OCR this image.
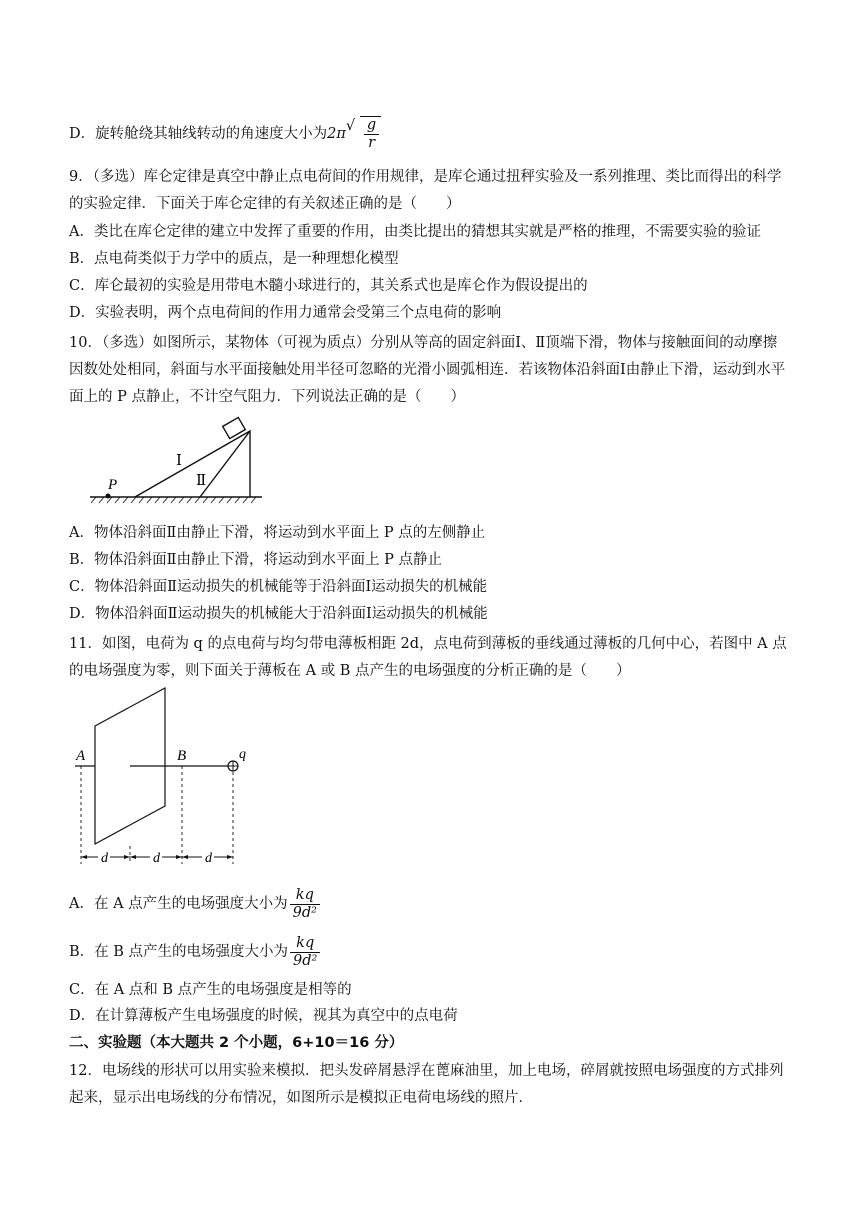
D．旋转舱绕其轴线转动的角速度大小为2π √ $\frac{g}{r}$
9．（多选）库仑定律是真空中静止点电荷间的作用规律，是库仑通过扭秤实验及一系列推理、类比而得出的科学的实验定律．下面关于库仑定律的有关叙述正确的是（　　）
A．类比在库仑定律的建立中发挥了重要的作用，由类比提出的猜想其实就是严格的推理，不需要实验的验证
B．点电荷类似于力学中的质点，是一种理想化模型
C．库仑最初的实验是用带电木髓小球进行的，其关系式也是库仑作为假设提出的
D．实验表明，两个点电荷间的作用力通常会受第三个点电荷的影响
10．（多选）如图所示，某物体（可视为质点）分别从等高的固定斜面Ⅰ、Ⅱ顶端下滑，物体与接触面间的动摩擦因数处处相同，斜面与水平面接触处用半径可忽略的光滑小圆弧相连．若该物体沿斜面Ⅰ由静止下滑，运动到水平面上的 P 点静止，不计空气阻力．下列说法正确的是（　　）
P
Ⅰ
Ⅱ
A．物体沿斜面Ⅱ由静止下滑，将运动到水平面上 P 点的左侧静止
B．物体沿斜面Ⅱ由静止下滑，将运动到水平面上 P 点静止
C．物体沿斜面Ⅱ运动损失的机械能等于沿斜面Ⅰ运动损失的机械能
D．物体沿斜面Ⅱ运动损失的机械能大于沿斜面Ⅰ运动损失的机械能
11．如图，电荷为 q 的点电荷与均匀带电薄板相距 2d，点电荷到薄板的垂线通过薄板的几何中心，若图中 A 点的电场强度为零，则下面关于薄板在 A 或 B 点产生的电场强度的分析正确的是（　　）
A	B	q
d	d	d
A．在 A 点产生的电场强度大小为 $\frac{kq}{\text{9d²}}$
B．在 B 点产生的电场强度大小为 $\frac{kq}{\text{9d²}}$
C．在 A 点和 B 点产生的电场强度是相等的
D．在计算薄板产生电场强度的时候，视其为真空中的点电荷
二、实验题（本大题共 2 个小题，6+10＝16 分）
12．电场线的形状可以用实验来模拟．把头发碎屑悬浮在蓖麻油里，加上电场，碎屑就按照电场强度的方式排列起来，显示出电场线的分布情况，如图所示是模拟正电荷电场线的照片．
